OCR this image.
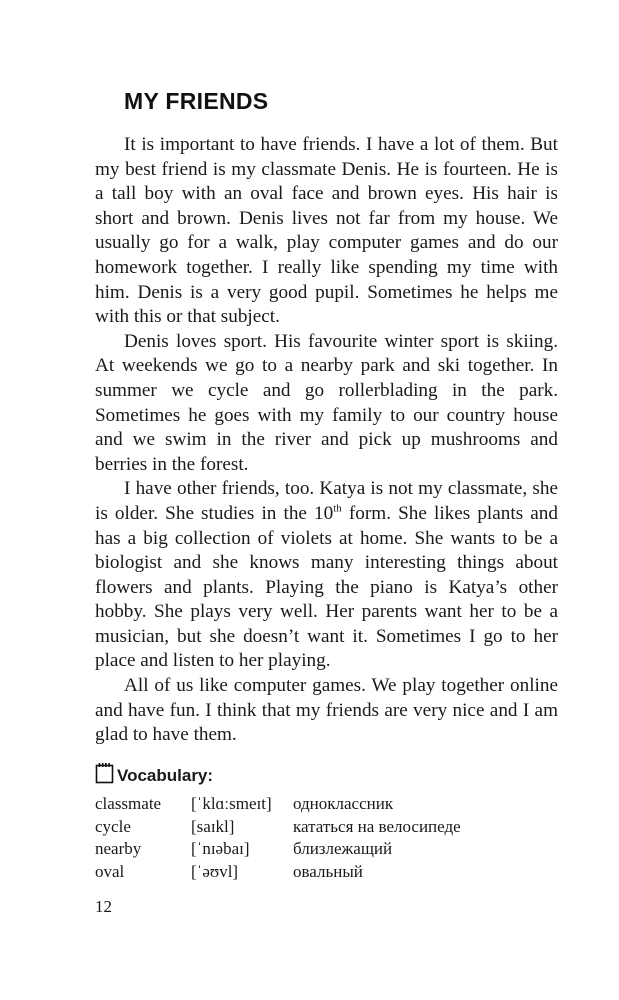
MY FRIENDS

It is important to have friends. I have a lot of them. But my best friend is my classmate Denis. He is fourteen. He is a tall boy with an oval face and brown eyes. His hair is short and brown. Denis lives not far from my house. We usually go for a walk, play computer games and do our homework together. I really like spending my time with him. Denis is a very good pupil. Sometimes he helps me with this or that subject.

Denis loves sport. His favourite winter sport is skiing. At weekends we go to a nearby park and ski together. In summer we cycle and go rollerblading in the park. Sometimes he goes with my family to our country house and we swim in the river and pick up mushrooms and berries in the forest.

I have other friends, too. Katya is not my classmate, she is older. She studies in the 10th form. She likes plants and has a big collection of violets at home. She wants to be a biologist and she knows many interesting things about flowers and plants. Playing the piano is Katya’s other hobby. She plays very well. Her parents want her to be a musician, but she doesn’t want it. Sometimes I go to her place and listen to her playing.

All of us like computer games. We play together online and have fun. I think that my friends are very nice and I am glad to have them.

Vocabulary:
classmate	[ˈklɑːsmeɪt]	одноклассник
cycle	[saɪkl]	кататься на велосипеде
nearby	[ˈnɪəbaɪ]	близлежащий
oval	[ˈəʊvl]	овальный
12
